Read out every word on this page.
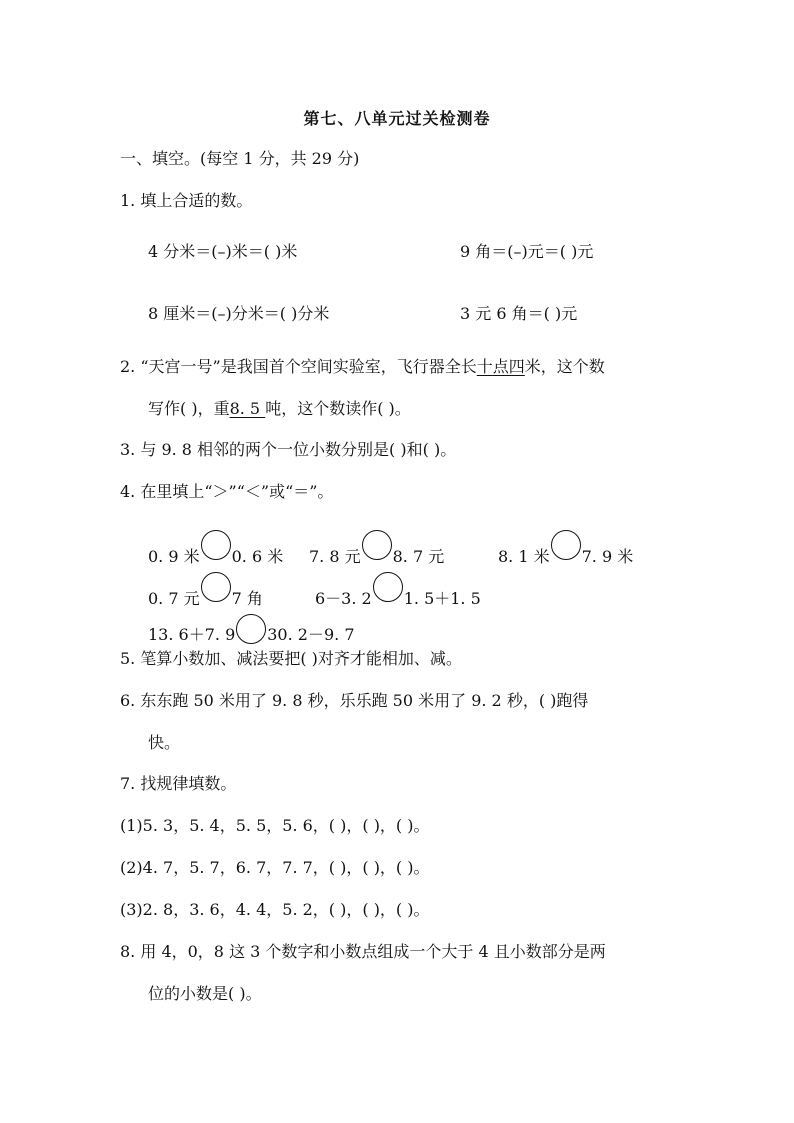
第七、八单元过关检测卷
一、填空。(每空 1 分，共 29 分)
1. 填上合适的数。
4 分米＝(–)米＝( )米	9 角＝(–)元＝( )元
8 厘米＝(–)分米＝( )分米	3 元 6 角＝( )元
2. “天宫一号”是我国首个空间实验室，飞行器全长十点四米，这个数
写作( )，重8. 5 吨，这个数读作( )。
3. 与 9. 8 相邻的两个一位小数分别是( )和( )。
4. 在里填上“＞”“＜”或“＝”。
0. 9 米 0. 6 米 7. 8 元 8. 7 元	8. 1 米 7. 9 米
0. 7 元 7 角	6－3. 2 1. 5＋1. 5
13. 6＋7. 9 30. 2－9. 7
5. 笔算小数加、减法要把( )对齐才能相加、减。
6. 东东跑 50 米用了 9. 8 秒，乐乐跑 50 米用了 9. 2 秒，( )跑得
快。
7. 找规律填数。
(1)5. 3，5. 4，5. 5，5. 6，( )，( )，( )。
(2)4. 7，5. 7，6. 7，7. 7，( )，( )，( )。
(3)2. 8，3. 6，4. 4，5. 2，( )，( )，( )。
8. 用 4，0，8 这 3 个数字和小数点组成一个大于 4 且小数部分是两
位的小数是( )。
